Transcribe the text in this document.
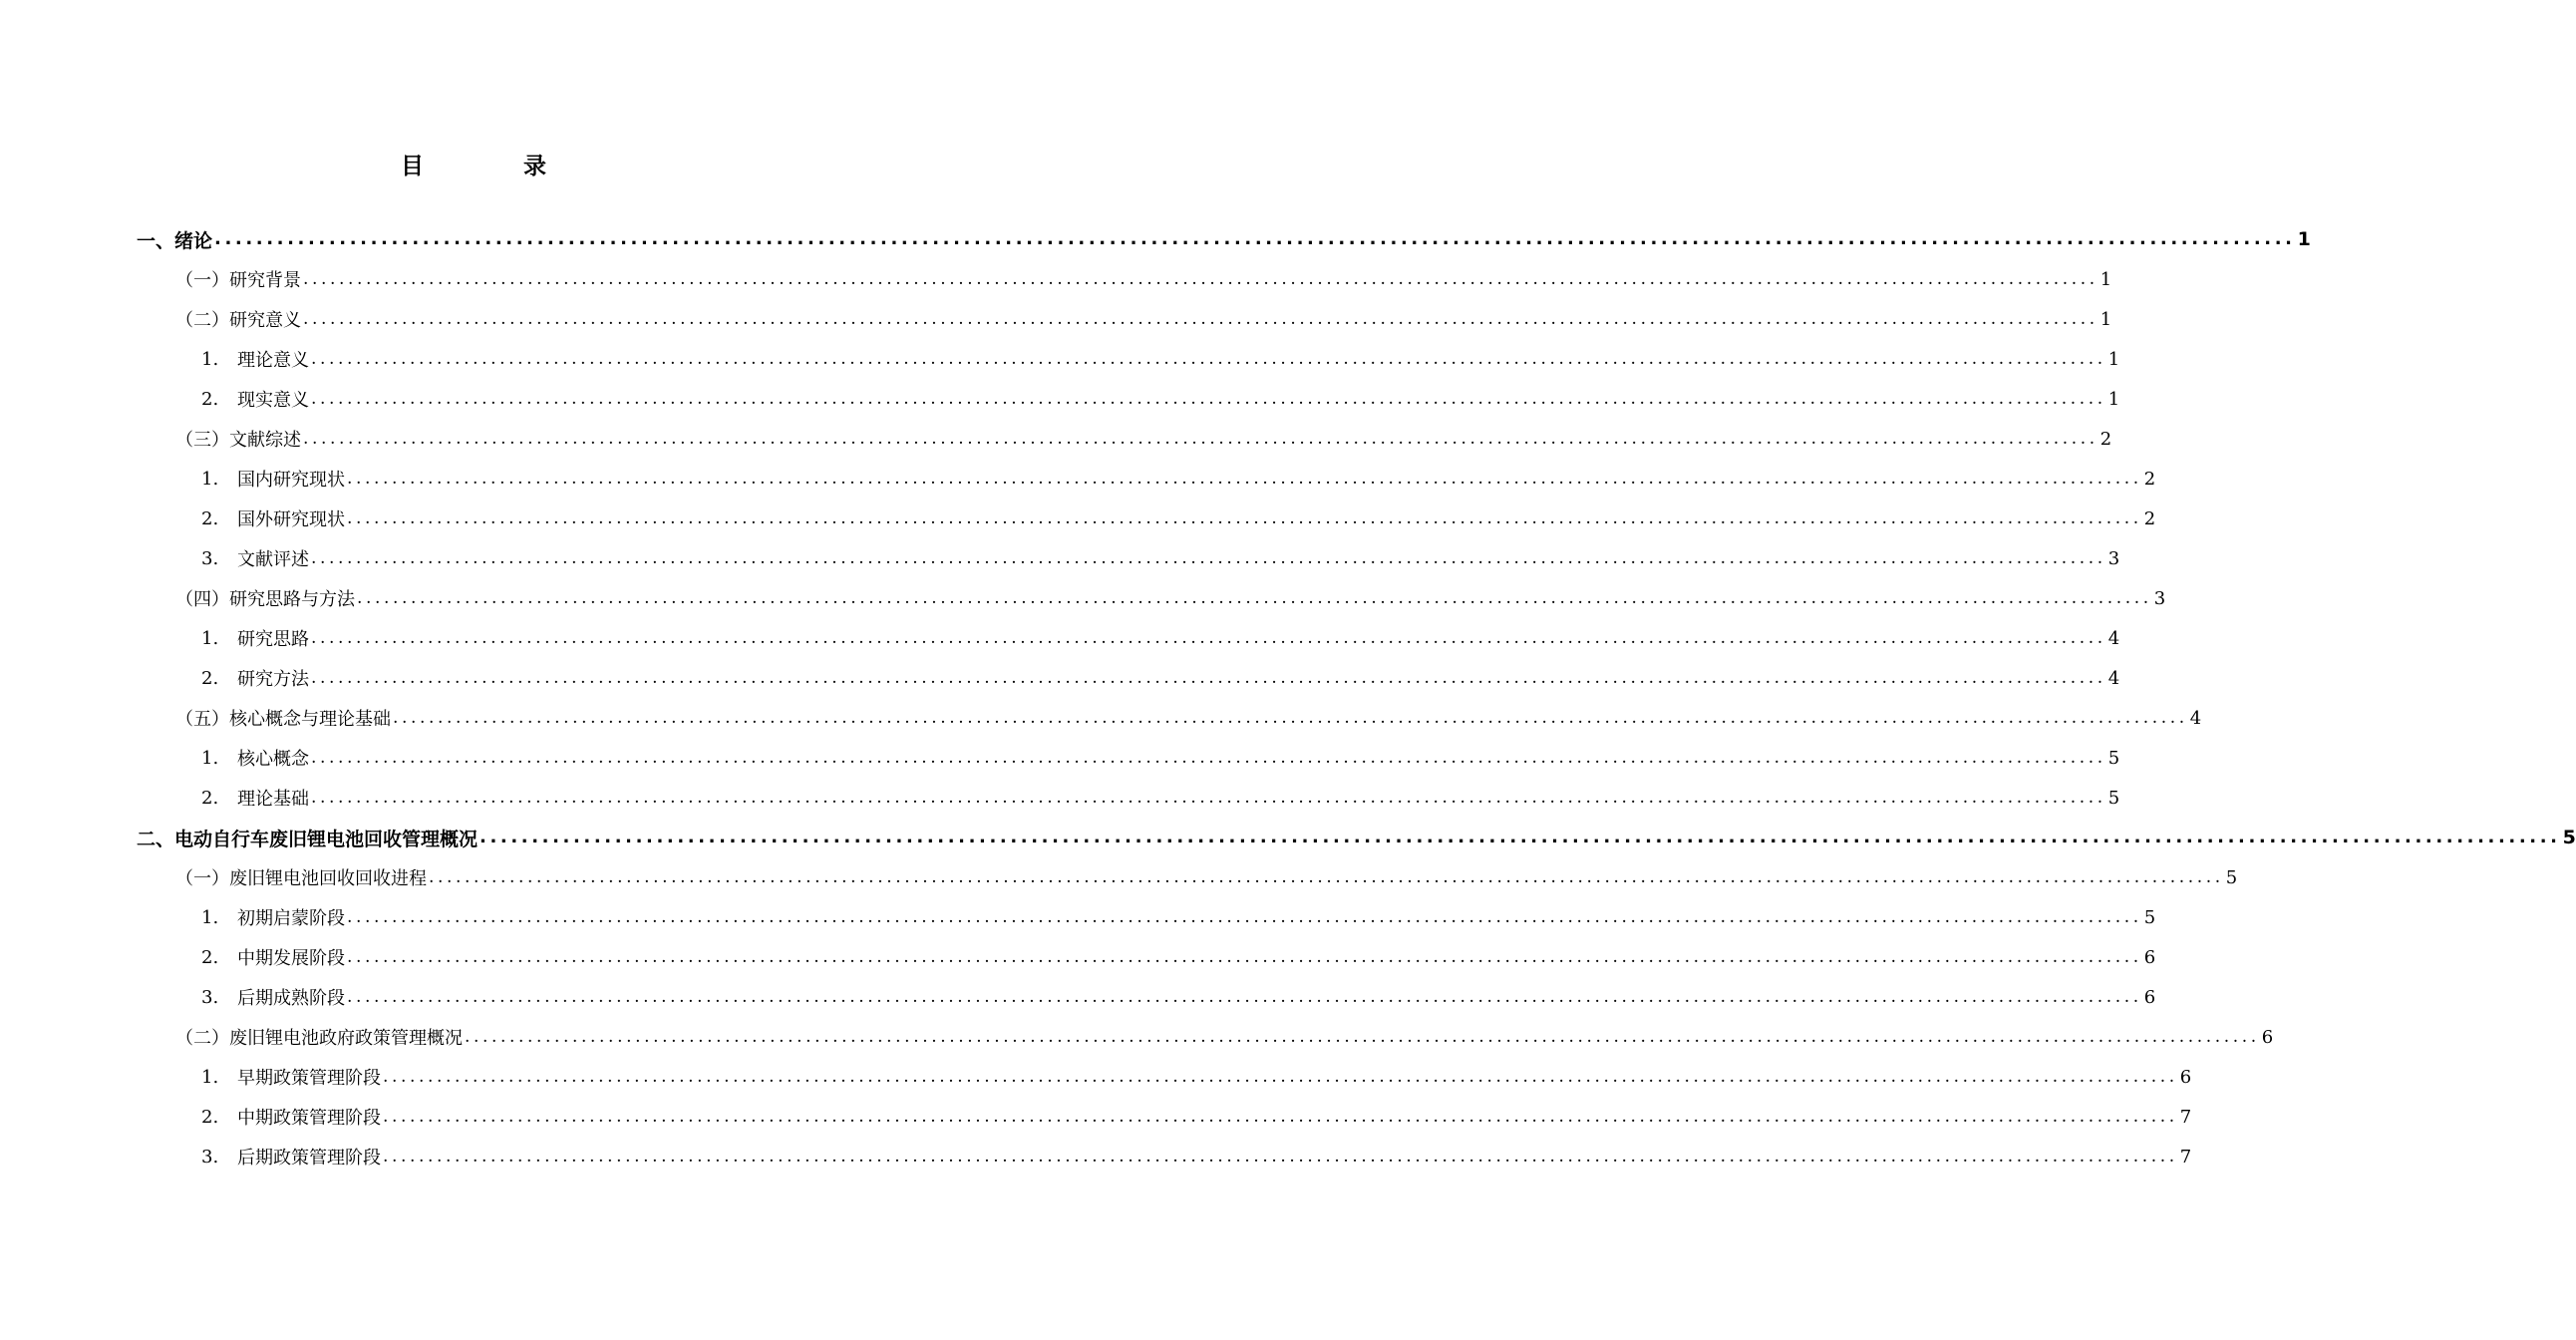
目录
一、 绪论 ........................................................................................................................................................................................................ 1
（一） 研究背景 ........................................................................................................................................................................................................ 1
（二） 研究意义 ........................................................................................................................................................................................................ 1
1.	理论意义 ........................................................................................................................................................................................................ 1
2.	现实意义 ........................................................................................................................................................................................................ 1
（三） 文献综述 ........................................................................................................................................................................................................ 2
1.	国内研究现状 ........................................................................................................................................................................................................ 2
2.	国外研究现状 ........................................................................................................................................................................................................ 2
3.	文献评述 ........................................................................................................................................................................................................ 3
（四） 研究思路与方法 ........................................................................................................................................................................................................ 3
1.	研究思路 ........................................................................................................................................................................................................ 4
2.	研究方法 ........................................................................................................................................................................................................ 4
（五） 核心概念与理论基础 ........................................................................................................................................................................................................ 4
1.	核心概念 ........................................................................................................................................................................................................ 5
2.	理论基础 ........................................................................................................................................................................................................ 5
二、 电动自行车废旧锂电池回收管理概况 ........................................................................................................................................................................................................ 5
（一） 废旧锂电池回收回收进程 ........................................................................................................................................................................................................ 5
1.	初期启蒙阶段 ........................................................................................................................................................................................................ 5
2.	中期发展阶段 ........................................................................................................................................................................................................ 6
3.	后期成熟阶段 ........................................................................................................................................................................................................ 6
（二） 废旧锂电池政府政策管理概况 ........................................................................................................................................................................................................ 6
1.	早期政策管理阶段 ........................................................................................................................................................................................................ 6
2.	中期政策管理阶段 ........................................................................................................................................................................................................ 7
3.	后期政策管理阶段 ........................................................................................................................................................................................................ 7
